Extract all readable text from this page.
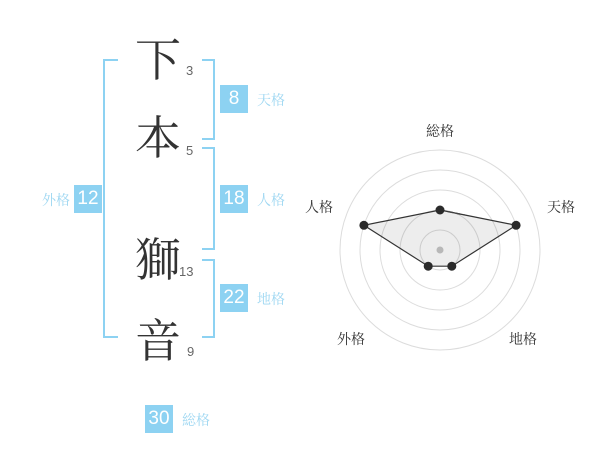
下
本
獅
音
3
5
13
9
外格 12
8	天格
18 人格
22 地格
30 総格
総格
天格
地格
外格
人格
